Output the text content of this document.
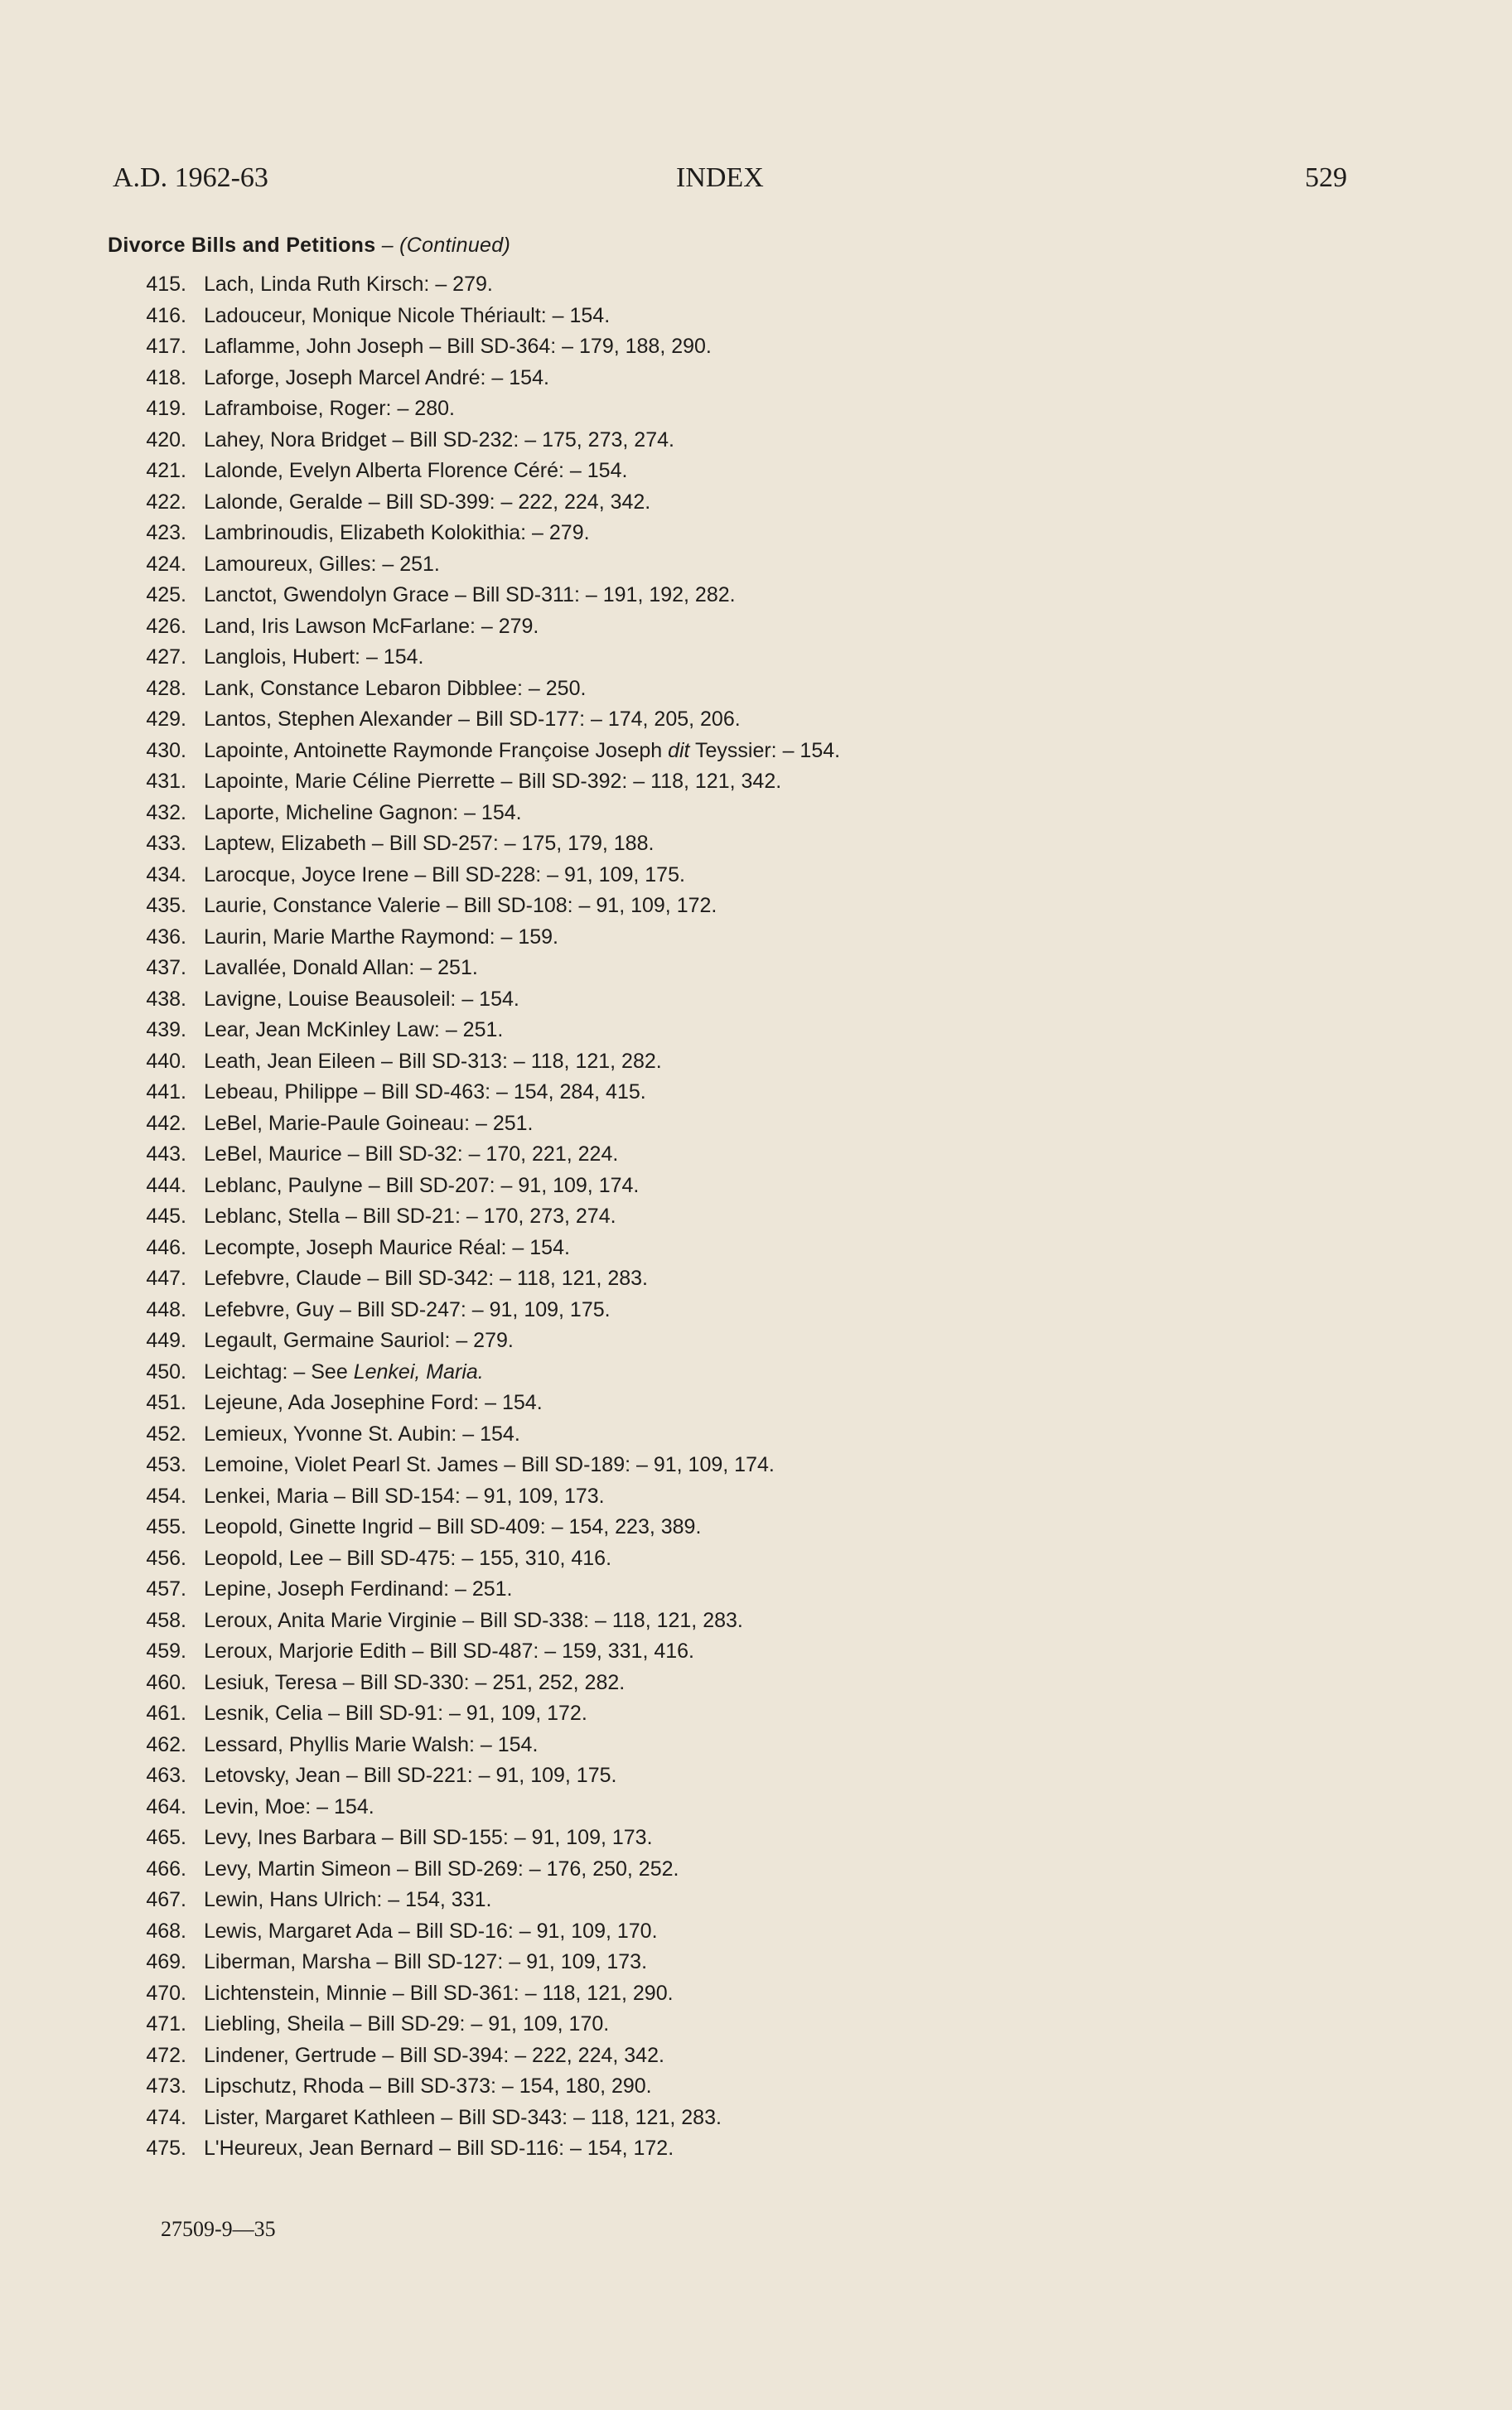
A.D. 1962-63	INDEX	529
Divorce Bills and Petitions – (Continued)
415. Lach, Linda Ruth Kirsch: – 279.
416. Ladouceur, Monique Nicole Thériault: – 154.
417. Laflamme, John Joseph – Bill SD-364: – 179, 188, 290.
418. Laforge, Joseph Marcel André: – 154.
419. Laframboise, Roger: – 280.
420. Lahey, Nora Bridget – Bill SD-232: – 175, 273, 274.
421. Lalonde, Evelyn Alberta Florence Céré: – 154.
422. Lalonde, Geralde – Bill SD-399: – 222, 224, 342.
423. Lambrinoudis, Elizabeth Kolokithia: – 279.
424. Lamoureux, Gilles: – 251.
425. Lanctot, Gwendolyn Grace – Bill SD-311: – 191, 192, 282.
426. Land, Iris Lawson McFarlane: – 279.
427. Langlois, Hubert: – 154.
428. Lank, Constance Lebaron Dibblee: – 250.
429. Lantos, Stephen Alexander – Bill SD-177: – 174, 205, 206.
430. Lapointe, Antoinette Raymonde Françoise Joseph dit Teyssier: – 154.
431. Lapointe, Marie Céline Pierrette – Bill SD-392: – 118, 121, 342.
432. Laporte, Micheline Gagnon: – 154.
433. Laptew, Elizabeth – Bill SD-257: – 175, 179, 188.
434. Larocque, Joyce Irene – Bill SD-228: – 91, 109, 175.
435. Laurie, Constance Valerie – Bill SD-108: – 91, 109, 172.
436. Laurin, Marie Marthe Raymond: – 159.
437. Lavallée, Donald Allan: – 251.
438. Lavigne, Louise Beausoleil: – 154.
439. Lear, Jean McKinley Law: – 251.
440. Leath, Jean Eileen – Bill SD-313: – 118, 121, 282.
441. Lebeau, Philippe – Bill SD-463: – 154, 284, 415.
442. LeBel, Marie-Paule Goineau: – 251.
443. LeBel, Maurice – Bill SD-32: – 170, 221, 224.
444. Leblanc, Paulyne – Bill SD-207: – 91, 109, 174.
445. Leblanc, Stella – Bill SD-21: – 170, 273, 274.
446. Lecompte, Joseph Maurice Réal: – 154.
447. Lefebvre, Claude – Bill SD-342: – 118, 121, 283.
448. Lefebvre, Guy – Bill SD-247: – 91, 109, 175.
449. Legault, Germaine Sauriol: – 279.
450. Leichtag: – See Lenkei, Maria.
451. Lejeune, Ada Josephine Ford: – 154.
452. Lemieux, Yvonne St. Aubin: – 154.
453. Lemoine, Violet Pearl St. James – Bill SD-189: – 91, 109, 174.
454. Lenkei, Maria – Bill SD-154: – 91, 109, 173.
455. Leopold, Ginette Ingrid – Bill SD-409: – 154, 223, 389.
456. Leopold, Lee – Bill SD-475: – 155, 310, 416.
457. Lepine, Joseph Ferdinand: – 251.
458. Leroux, Anita Marie Virginie – Bill SD-338: – 118, 121, 283.
459. Leroux, Marjorie Edith – Bill SD-487: – 159, 331, 416.
460. Lesiuk, Teresa – Bill SD-330: – 251, 252, 282.
461. Lesnik, Celia – Bill SD-91: – 91, 109, 172.
462. Lessard, Phyllis Marie Walsh: – 154.
463. Letovsky, Jean – Bill SD-221: – 91, 109, 175.
464. Levin, Moe: – 154.
465. Levy, Ines Barbara – Bill SD-155: – 91, 109, 173.
466. Levy, Martin Simeon – Bill SD-269: – 176, 250, 252.
467. Lewin, Hans Ulrich: – 154, 331.
468. Lewis, Margaret Ada – Bill SD-16: – 91, 109, 170.
469. Liberman, Marsha – Bill SD-127: – 91, 109, 173.
470. Lichtenstein, Minnie – Bill SD-361: – 118, 121, 290.
471. Liebling, Sheila – Bill SD-29: – 91, 109, 170.
472. Lindener, Gertrude – Bill SD-394: – 222, 224, 342.
473. Lipschutz, Rhoda – Bill SD-373: – 154, 180, 290.
474. Lister, Margaret Kathleen – Bill SD-343: – 118, 121, 283.
475. L'Heureux, Jean Bernard – Bill SD-116: – 154, 172.
27509-9—35
